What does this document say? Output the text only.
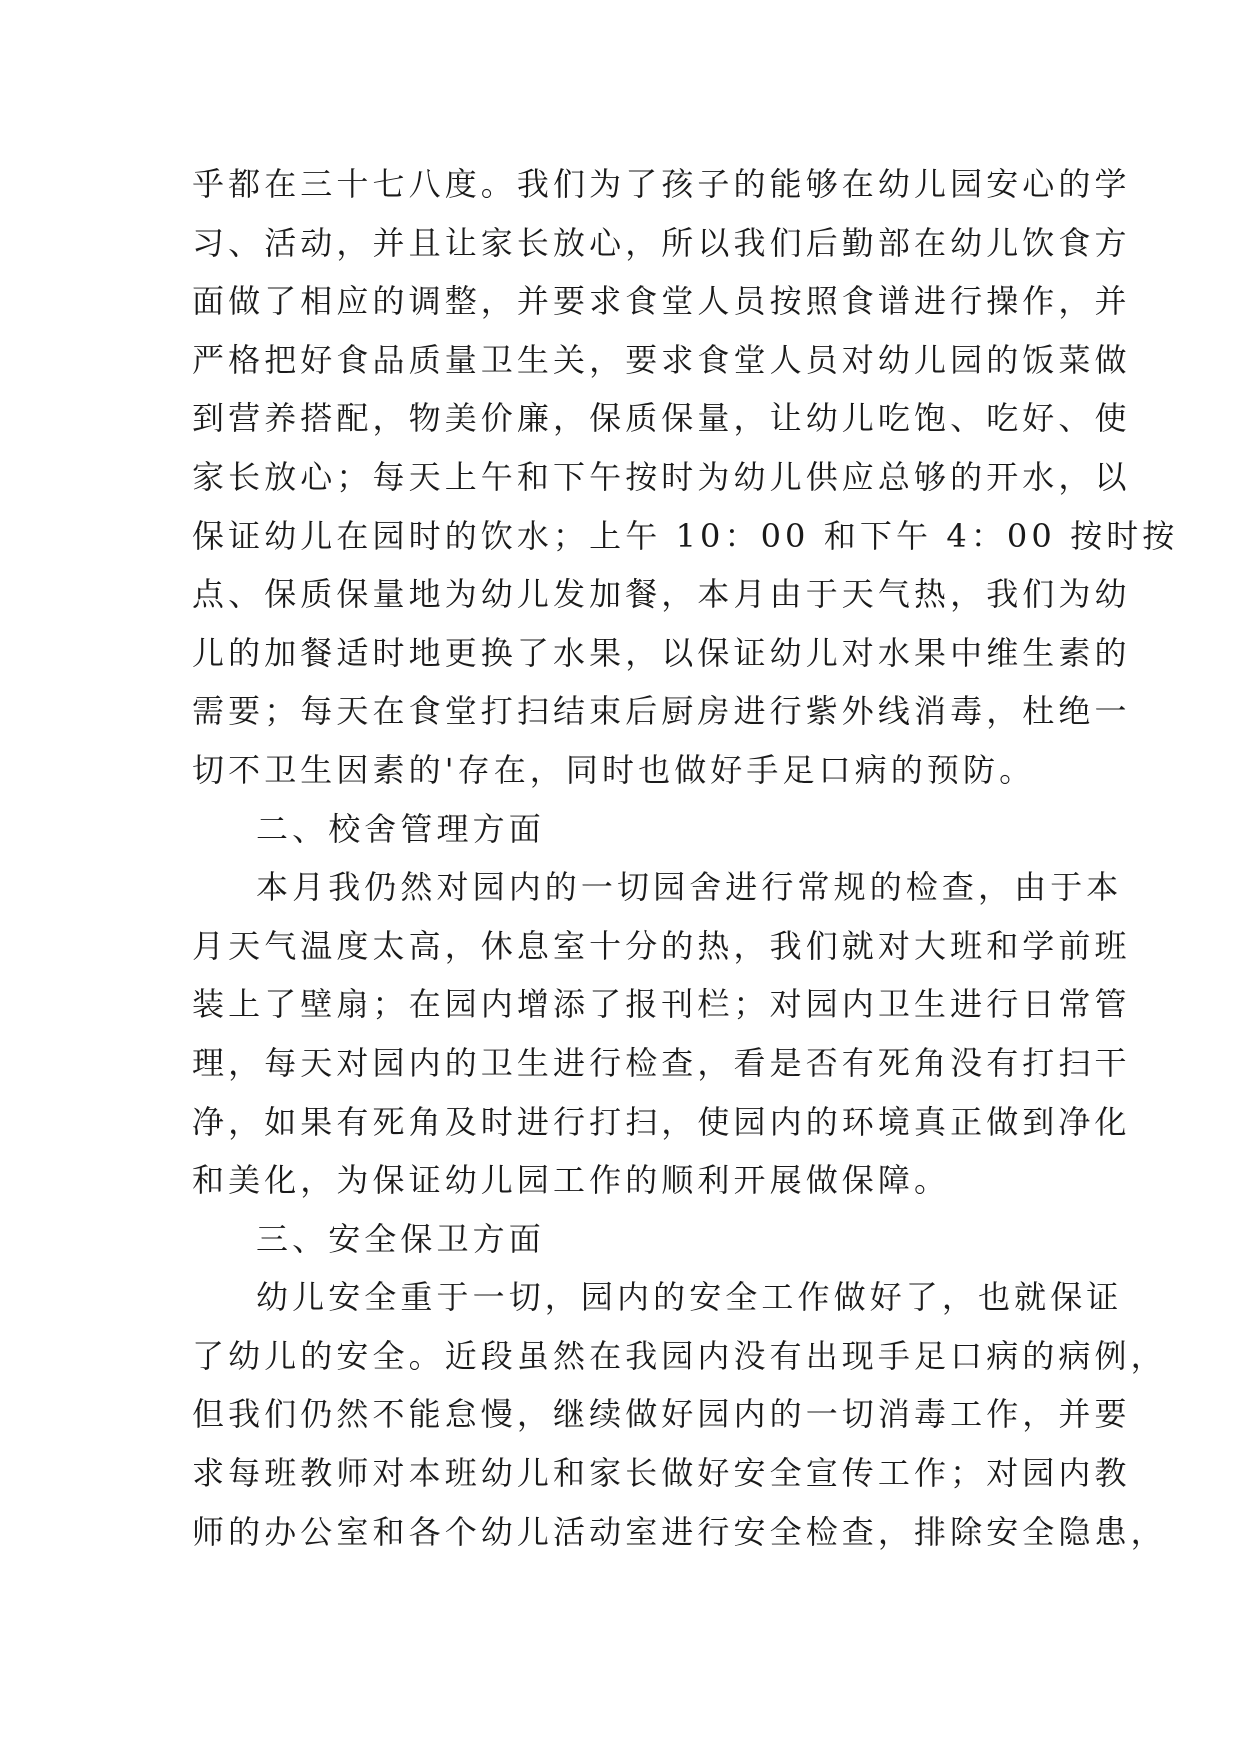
乎都在三十七八度。我们为了孩子的能够在幼儿园安心的学
习、活动，并且让家长放心，所以我们后勤部在幼儿饮食方
面做了相应的调整，并要求食堂人员按照食谱进行操作，并
严格把好食品质量卫生关，要求食堂人员对幼儿园的饭菜做
到营养搭配，物美价廉，保质保量，让幼儿吃饱、吃好、使
家长放心；每天上午和下午按时为幼儿供应总够的开水，以
保证幼儿在园时的饮水；上午 10：00 和下午 4：00 按时按
点、保质保量地为幼儿发加餐，本月由于天气热，我们为幼
儿的加餐适时地更换了水果，以保证幼儿对水果中维生素的
需要；每天在食堂打扫结束后厨房进行紫外线消毒，杜绝一
切不卫生因素的'存在，同时也做好手足口病的预防。
二、校舍管理方面
本月我仍然对园内的一切园舍进行常规的检查，由于本
月天气温度太高，休息室十分的热，我们就对大班和学前班
装上了壁扇；在园内增添了报刊栏；对园内卫生进行日常管
理，每天对园内的卫生进行检查，看是否有死角没有打扫干
净，如果有死角及时进行打扫，使园内的环境真正做到净化
和美化，为保证幼儿园工作的顺利开展做保障。
三、安全保卫方面
幼儿安全重于一切，园内的安全工作做好了，也就保证
了幼儿的安全。近段虽然在我园内没有出现手足口病的病例，
但我们仍然不能怠慢，继续做好园内的一切消毒工作，并要
求每班教师对本班幼儿和家长做好安全宣传工作；对园内教
师的办公室和各个幼儿活动室进行安全检查，排除安全隐患，
